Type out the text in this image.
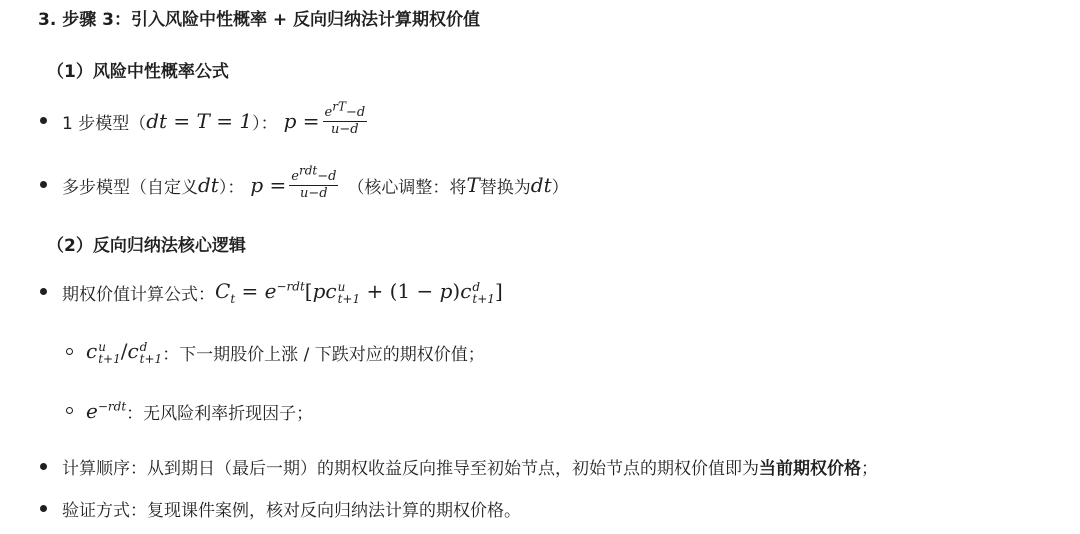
3. 步骤 3：引入风险中性概率 + 反向归纳法计算期权价值
（1）风险中性概率公式
1 步模型（ dt = T = 1 ）： $p = \frac{e^{rT}-d}{u-d}$
多步模型（自定义 dt ）： $p = \frac{e^{rdt}-d}{u-d}$ （核心调整：将 T 替换为 dt ）
（2）反向归纳法核心逻辑
期权价值计算公式： $C_t = e^{-rdt}[pc$ u
t+1 + (1 − p)c d
t+1 ]
c u
t+1 /c d
t+1 ：下一期股价上涨 / 下跌对应的期权价值；
$e^{-rdt}$ ：无风险利率折现因子；
计算顺序：从到期日（最后一期）的期权收益反向推导至初始节点，初始节点的期权价值即为 当前期权价格 ；
验证方式：复现课件案例，核对反向归纳法计算的期权价格。
